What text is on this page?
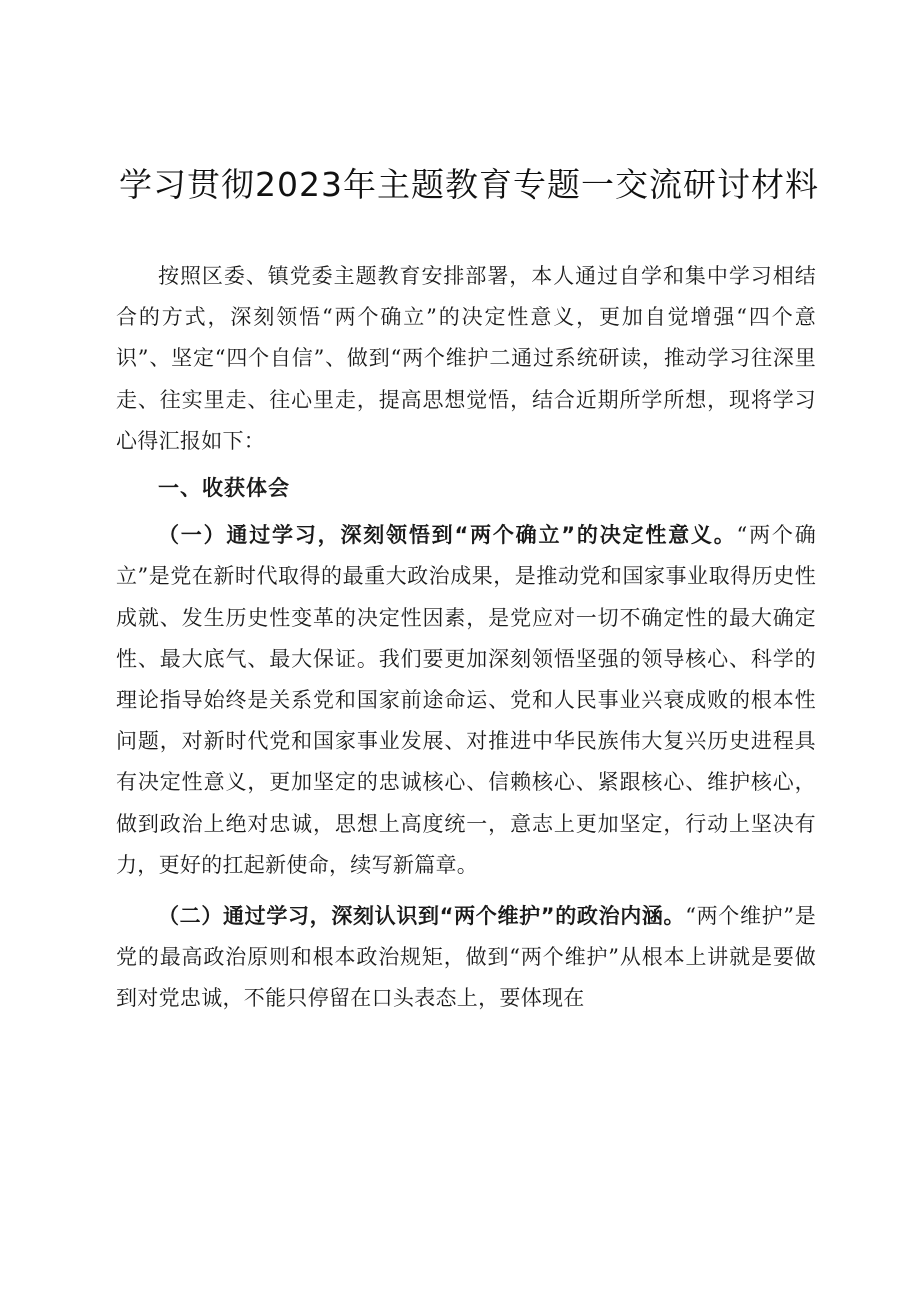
学习贯彻2023年主题教育专题一交流研讨材料

按照区委、镇党委主题教育安排部署，本人通过自学和集中学习相结合的方式，深刻领悟“两个确立”的决定性意义，更加自觉增强“四个意识”、坚定“四个自信”、做到“两个维护二通过系统研读，推动学习往深里走、往实里走、往心里走，提高思想觉悟，结合近期所学所想，现将学习心得汇报如下：

一、收获体会

（一）通过学习，深刻领悟到“两个确立”的决定性意义。“两个确立”是党在新时代取得的最重大政治成果，是推动党和国家事业取得历史性成就、发生历史性变革的决定性因素，是党应对一切不确定性的最大确定性、最大底气、最大保证。我们要更加深刻领悟坚强的领导核心、科学的理论指导始终是关系党和国家前途命运、党和人民事业兴衰成败的根本性问题，对新时代党和国家事业发展、对推进中华民族伟大复兴历史进程具有决定性意义，更加坚定的忠诚核心、信赖核心、紧跟核心、维护核心，做到政治上绝对忠诚，思想上高度统一，意志上更加坚定，行动上坚决有力，更好的扛起新使命，续写新篇章。

（二）通过学习，深刻认识到“两个维护”的政治内涵。“两个维护”是党的最高政治原则和根本政治规矩，做到“两个维护”从根本上讲就是要做到对党忠诚，不能只停留在口头表态上，要体现在
